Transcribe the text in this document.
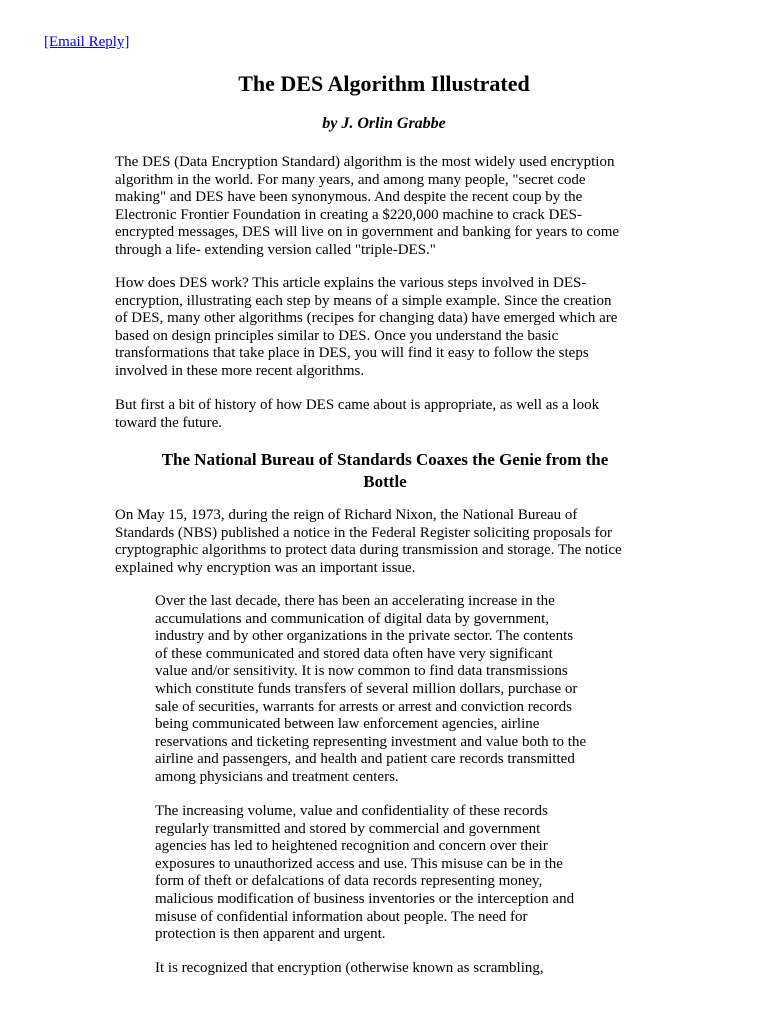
[Email Reply]
The DES Algorithm Illustrated
by J. Orlin Grabbe

The DES (Data Encryption Standard) algorithm is the most widely used encryption
algorithm in the world. For many years, and among many people, "secret code
making" and DES have been synonymous. And despite the recent coup by the
Electronic Frontier Foundation in creating a $220,000 machine to crack DES-
encrypted messages, DES will live on in government and banking for years to come
through a life- extending version called "triple-DES."

How does DES work? This article explains the various steps involved in DES-
encryption, illustrating each step by means of a simple example. Since the creation
of DES, many other algorithms (recipes for changing data) have emerged which are
based on design principles similar to DES. Once you understand the basic
transformations that take place in DES, you will find it easy to follow the steps
involved in these more recent algorithms.

But first a bit of history of how DES came about is appropriate, as well as a look
toward the future.

The National Bureau of Standards Coaxes the Genie from the
Bottle

On May 15, 1973, during the reign of Richard Nixon, the National Bureau of
Standards (NBS) published a notice in the Federal Register soliciting proposals for
cryptographic algorithms to protect data during transmission and storage. The notice
explained why encryption was an important issue.

Over the last decade, there has been an accelerating increase in the
accumulations and communication of digital data by government,
industry and by other organizations in the private sector. The contents
of these communicated and stored data often have very significant
value and/or sensitivity. It is now common to find data transmissions
which constitute funds transfers of several million dollars, purchase or
sale of securities, warrants for arrests or arrest and conviction records
being communicated between law enforcement agencies, airline
reservations and ticketing representing investment and value both to the
airline and passengers, and health and patient care records transmitted
among physicians and treatment centers.
The increasing volume, value and confidentiality of these records
regularly transmitted and stored by commercial and government
agencies has led to heightened recognition and concern over their
exposures to unauthorized access and use. This misuse can be in the
form of theft or defalcations of data records representing money,
malicious modification of business inventories or the interception and
misuse of confidential information about people. The need for
protection is then apparent and urgent.
It is recognized that encryption (otherwise known as scrambling,
